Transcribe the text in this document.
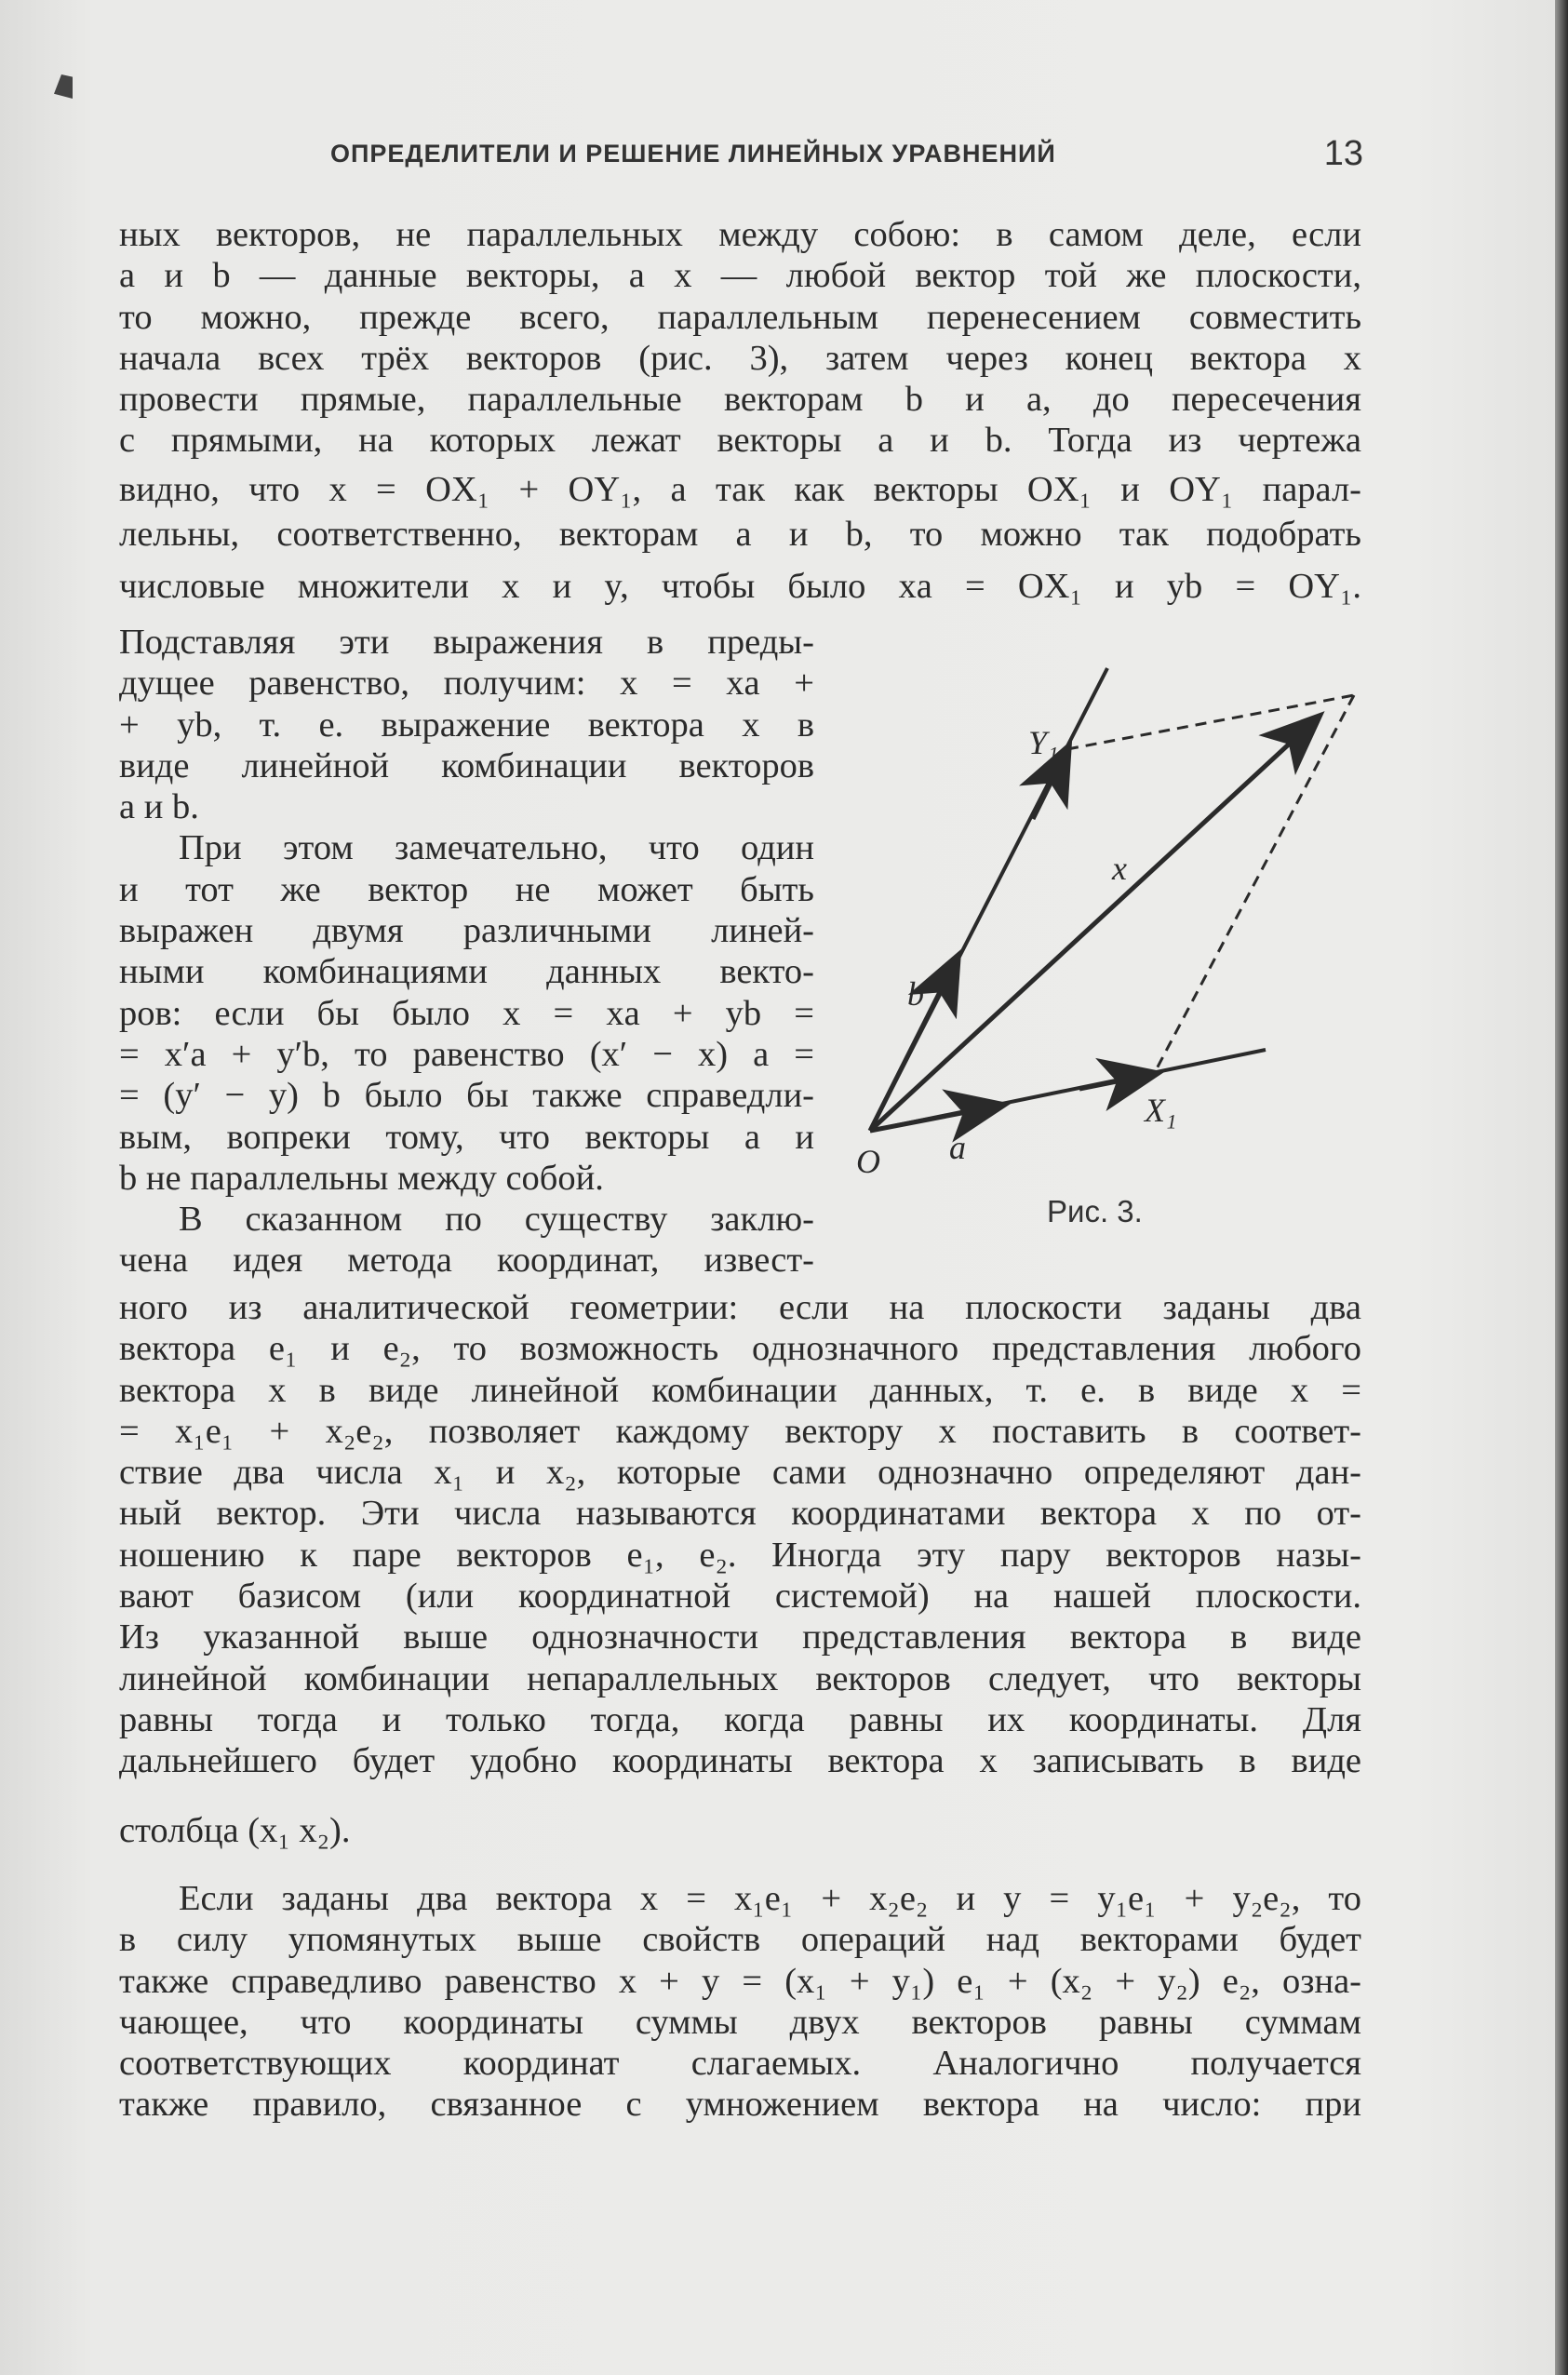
ОПРЕДЕЛИТЕЛИ И РЕШЕНИЕ ЛИНЕЙНЫХ УРАВНЕНИЙ	13
ных векторов, не параллельных между собою: в самом деле, если
a и b — данные векторы, а x — любой вектор той же плоскости,
то можно, прежде всего, параллельным перенесением совместить
начала всех трёх векторов (рис. 3), затем через конец вектора x
провести прямые, параллельные векторам b и a, до пересечения
с прямыми, на которых лежат векторы a и b. Тогда из чертежа
видно, что x = OX₁ + OY₁, а так как векторы OX₁ и OY₁ парал-
лельны, соответственно, векторам a и b, то можно так подобрать
числовые множители x и y, чтобы было xa = OX₁ и yb = OY₁.
Подставляя эти выражения в преды-
дущее равенство, получим: x = xa +
+ yb, т. е. выражение вектора x в
виде линейной комбинации векторов
a и b.
При этом замечательно, что один
и тот же вектор не может быть
выражен двумя различными линей-
ными комбинациями данных векто-
ров: если бы было x = xa + yb =
= x′a + y′b, то равенство (x′ − x) a =
= (y′ − y) b было бы также справедли-
вым, вопреки тому, что векторы a и
b не параллельны между собой.
В сказанном по существу заклю-
чена идея метода координат, извест-
O a
b
x
X₁
Y₁
Рис. 3.
ного из аналитической геометрии: если на плоскости заданы два
вектора e₁ и e₂, то возможность однозначного представления любого
вектора x в виде линейной комбинации данных, т. е. в виде x =
= x₁e₁ + x₂e₂, позволяет каждому вектору x поставить в соответ-
ствие два числа x₁ и x₂, которые сами однозначно определяют дан-
ный вектор. Эти числа называются координатами вектора x по от-
ношению к паре векторов e₁, e₂. Иногда эту пару векторов назы-
вают базисом (или координатной системой) на нашей плоскости.
Из указанной выше однозначности представления вектора в виде
линейной комбинации непараллельных векторов следует, что векторы
равны тогда и только тогда, когда равны их координаты. Для
дальнейшего будет удобно координаты вектора x записывать в виде
столбца (x₁ x₂).
Если заданы два вектора x = x₁e₁ + x₂e₂ и y = y₁e₁ + y₂e₂, то
в силу упомянутых выше свойств операций над векторами будет
также справедливо равенство x + y = (x₁ + y₁) e₁ + (x₂ + y₂) e₂, озна-
чающее, что координаты суммы двух векторов равны суммам
соответствующих координат слагаемых. Аналогично получается
также правило, связанное с умножением вектора на число: при
